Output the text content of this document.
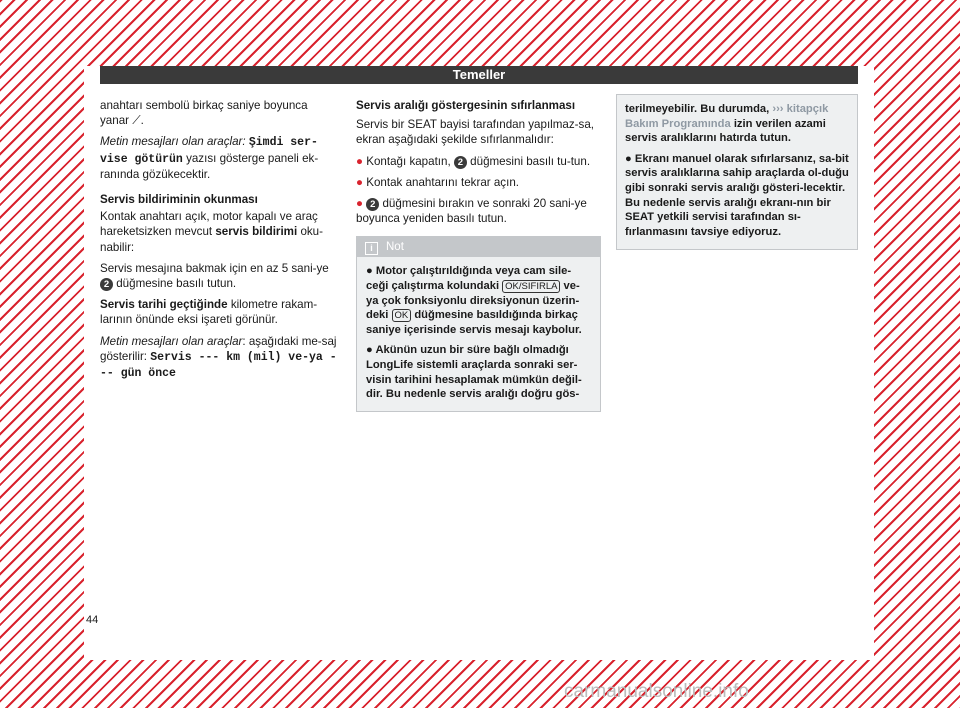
Temeller

anahtarı sembolü birkaç saniye boyunca yanar ⟋.

Metin mesajları olan araçlar: Şimdi ser-vise götürün yazısı gösterge paneli ek-ranında gözükecektir.

Servis bildiriminin okunması

Kontak anahtarı açık, motor kapalı ve araç hareketsizken mevcut servis bildirimi oku-nabilir:

Servis mesajına bakmak için en az 5 sani-ye 2 düğmesine basılı tutun.

Servis tarihi geçtiğinde kilometre rakam-larının önünde eksi işareti görünür.

Metin mesajları olan araçlar: aşağıdaki me-saj gösterilir: Servis --- km (mil) ve-ya --- gün önce

Servis aralığı göstergesinin sıfırlanması

Servis bir SEAT bayisi tarafından yapılmaz-sa, ekran aşağıdaki şekilde sıfırlanmalıdır:

● Kontağı kapatın, 2 düğmesini basılı tu-tun.

● Kontak anahtarını tekrar açın.

● 2 düğmesini bırakın ve sonraki 20 sani-ye boyunca yeniden basılı tutun.

i Not

● Motor çalıştırıldığında veya cam sile-ceği çalıştırma kolundaki OK/SIFIRLA ve-ya çok fonksiyonlu direksiyonun üzerin-deki OK düğmesine basıldığında birkaç saniye içerisinde servis mesajı kaybolur.

● Akünün uzun bir süre bağlı olmadığı LongLife sistemli araçlarda sonraki ser-visin tarihini hesaplamak mümkün değil-dir. Bu nedenle servis aralığı doğru gös-

terilmeyebilir. Bu durumda, ››› kitapçık Bakım Programında izin verilen azami servis aralıklarını hatırda tutun.

● Ekranı manuel olarak sıfırlarsanız, sa-bit servis aralıklarına sahip araçlarda ol-duğu gibi sonraki servis aralığı gösteri-lecektir. Bu nedenle servis aralığı ekranı-nın bir SEAT yetkili servisi tarafından sı-fırlanmasını tavsiye ediyoruz.

44
carmanualsonline.info
